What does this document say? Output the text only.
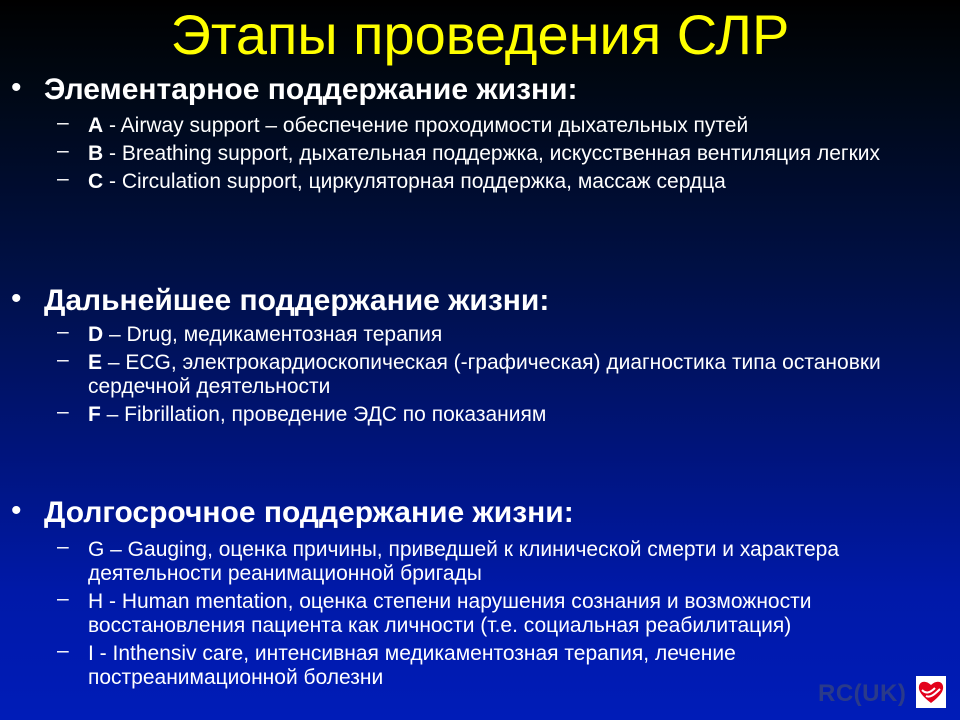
Этапы проведения СЛР
• Элементарное поддержание жизни:
– A - Airway support – обеспечение проходимости дыхательных путей
– B - Breathing support, дыхательная поддержка, искусственная вентиляция легких
– C - Circulation support, циркуляторная поддержка, массаж сердца
• Дальнейшее поддержание жизни:
– D – Drug, медикаментозная терапия
– E – ECG, электрокардиоскопическая (-графическая) диагностика типа остановки сердечной деятельности
– F – Fibrillation, проведение ЭДС по показаниям
• Долгосрочное поддержание жизни:
– G – Gauging, оценка причины, приведшей к клинической смерти и характера деятельности реанимационной бригады
– H - Human mentation, оценка степени нарушения сознания и возможности восстановления пациента как личности (т.е. социальная реабилитация)
– I - Inthensiv care, интенсивная медикаментозная терапия, лечение постреанимационной болезни
RC(UK)
